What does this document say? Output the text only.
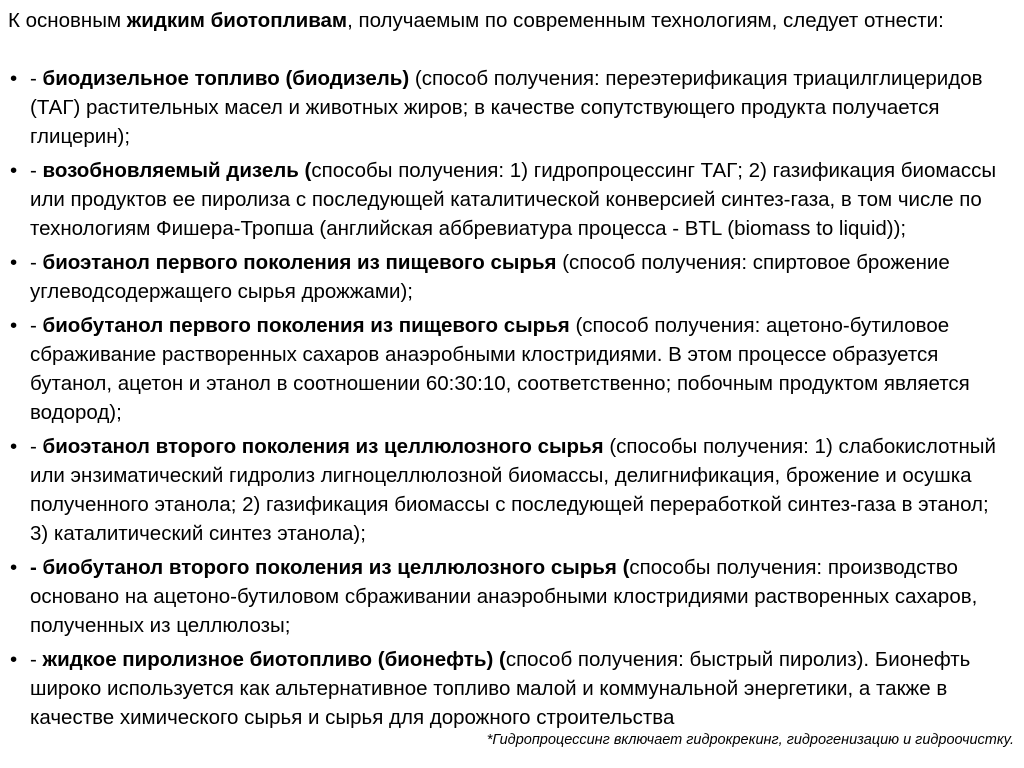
К основным жидким биотопливам, получаемым по современным технологиям, следует отнести:

• - биодизельное топливо (биодизель) (способ получения: переэтерификация триацилглицеридов (ТАГ) растительных масел и животных жиров; в качестве сопутствующего продукта получается глицерин);
• - возобновляемый дизель (способы получения: 1) гидропроцессинг ТАГ; 2) газификация биомассы или продуктов ее пиролиза с последующей каталитической конверсией синтез-газа, в том числе по технологиям Фишера-Тропша (английская аббревиатура процесса - BTL (biomass to liquid));
• - биоэтанол первого поколения из пищевого сырья (способ получения: спиртовое брожение углеводсодержащего сырья дрожжами);
• - биобутанол первого поколения из пищевого сырья (способ получения: ацетоно-бутиловое сбраживание растворенных сахаров анаэробными клостридиями. В этом процессе образуется бутанол, ацетон и этанол в соотношении 60:30:10, соответственно; побочным продуктом является водород);
• - биоэтанол второго поколения из целлюлозного сырья (способы получения: 1) слабокислотный или энзиматический гидролиз лигноцеллюлозной биомассы, делигнификация, брожение и осушка полученного этанола; 2) газификация биомассы с последующей переработкой синтез-газа в этанол; 3) каталитический синтез этанола);
• - биобутанол второго поколения из целлюлозного сырья (способы получения: производство основано на ацетоно-бутиловом сбраживании анаэробными клостридиями растворенных сахаров, полученных из целлюлозы;
• - жидкое пиролизное биотопливо (бионефть) (способ получения: быстрый пиролиз). Бионефть широко используется как альтернативное топливо малой и коммунальной энергетики, а также в качестве химического сырья и сырья для дорожного строительства

*Гидропроцессинг включает гидрокрекинг, гидрогенизацию и гидроочистку.
